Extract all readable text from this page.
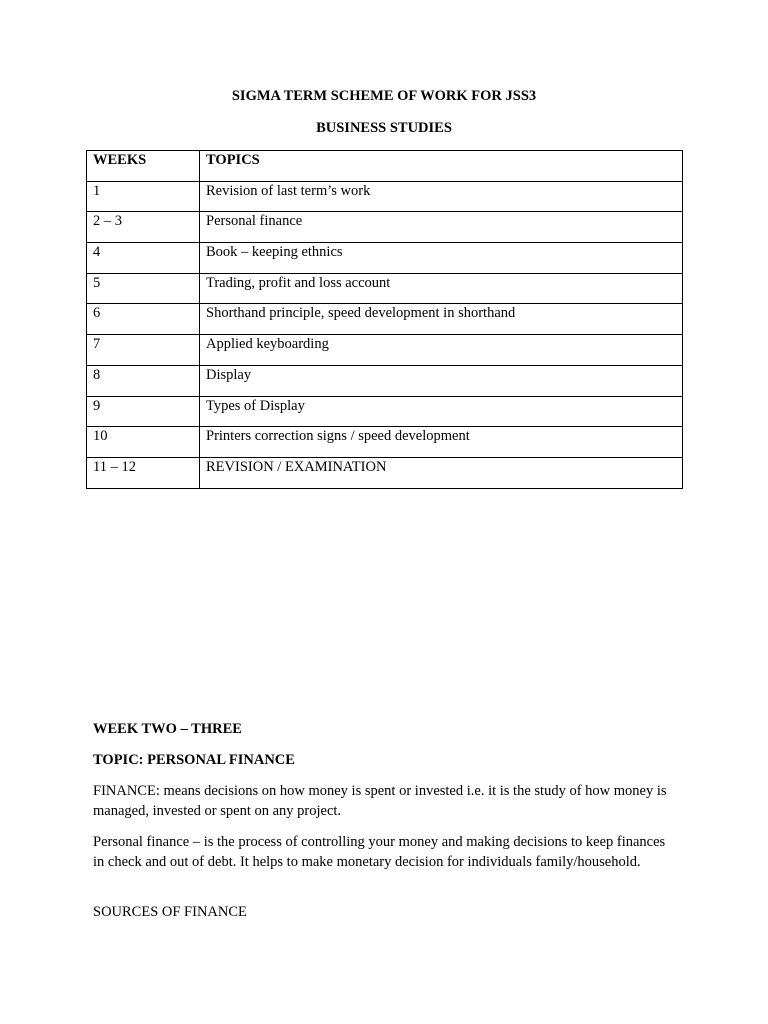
SIGMA TERM SCHEME OF WORK FOR JSS3
BUSINESS STUDIES
WEEKS	TOPICS
1	Revision of last term’s work
2 – 3	Personal finance
4	Book – keeping ethnics
5	Trading, profit and loss account
6	Shorthand principle, speed development in shorthand
7	Applied keyboarding
8	Display
9	Types of Display
10	Printers correction signs / speed development
11 – 12	REVISION / EXAMINATION

WEEK TWO – THREE

TOPIC: PERSONAL FINANCE

FINANCE: means decisions on how money is spent or invested i.e. it is the study of how money is managed, invested or spent on any project.

Personal finance – is the process of controlling your money and making decisions to keep finances in check and out of debt. It helps to make monetary decision for individuals family/household.

SOURCES OF FINANCE
